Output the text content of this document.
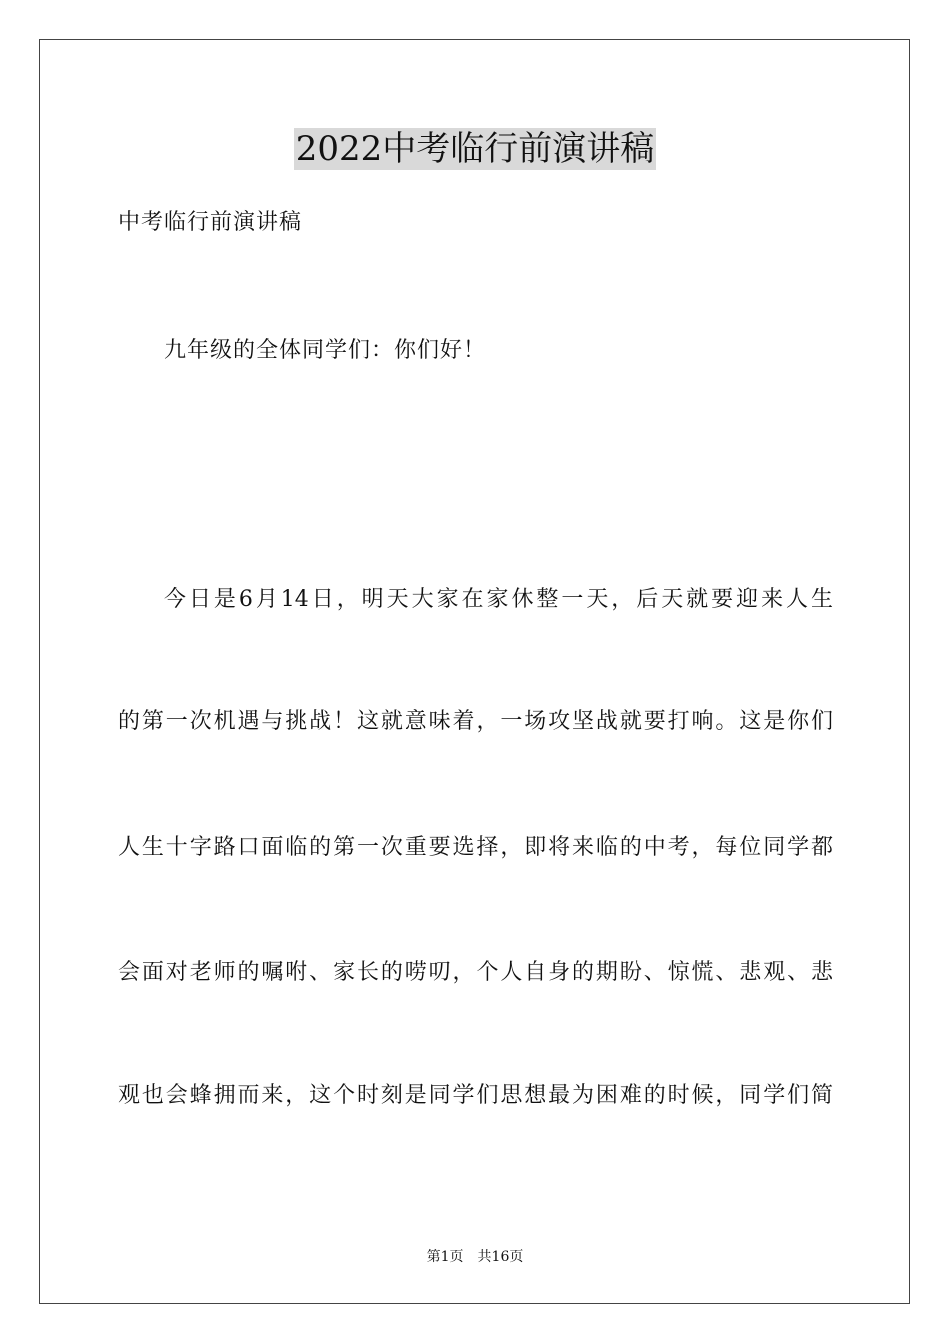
2022中考临行前演讲稿
中考临行前演讲稿
九年级的全体同学们：你们好！
今日是6月14日，明天大家在家休整一天，后天就要迎来人生
的第一次机遇与挑战！这就意味着，一场攻坚战就要打响。这是你们
人生十字路口面临的第一次重要选择，即将来临的中考，每位同学都
会面对老师的嘱咐、家长的唠叨，个人自身的期盼、惊慌、悲观、悲
观也会蜂拥而来，这个时刻是同学们思想最为困难的时候，同学们简
第1页　共16页
